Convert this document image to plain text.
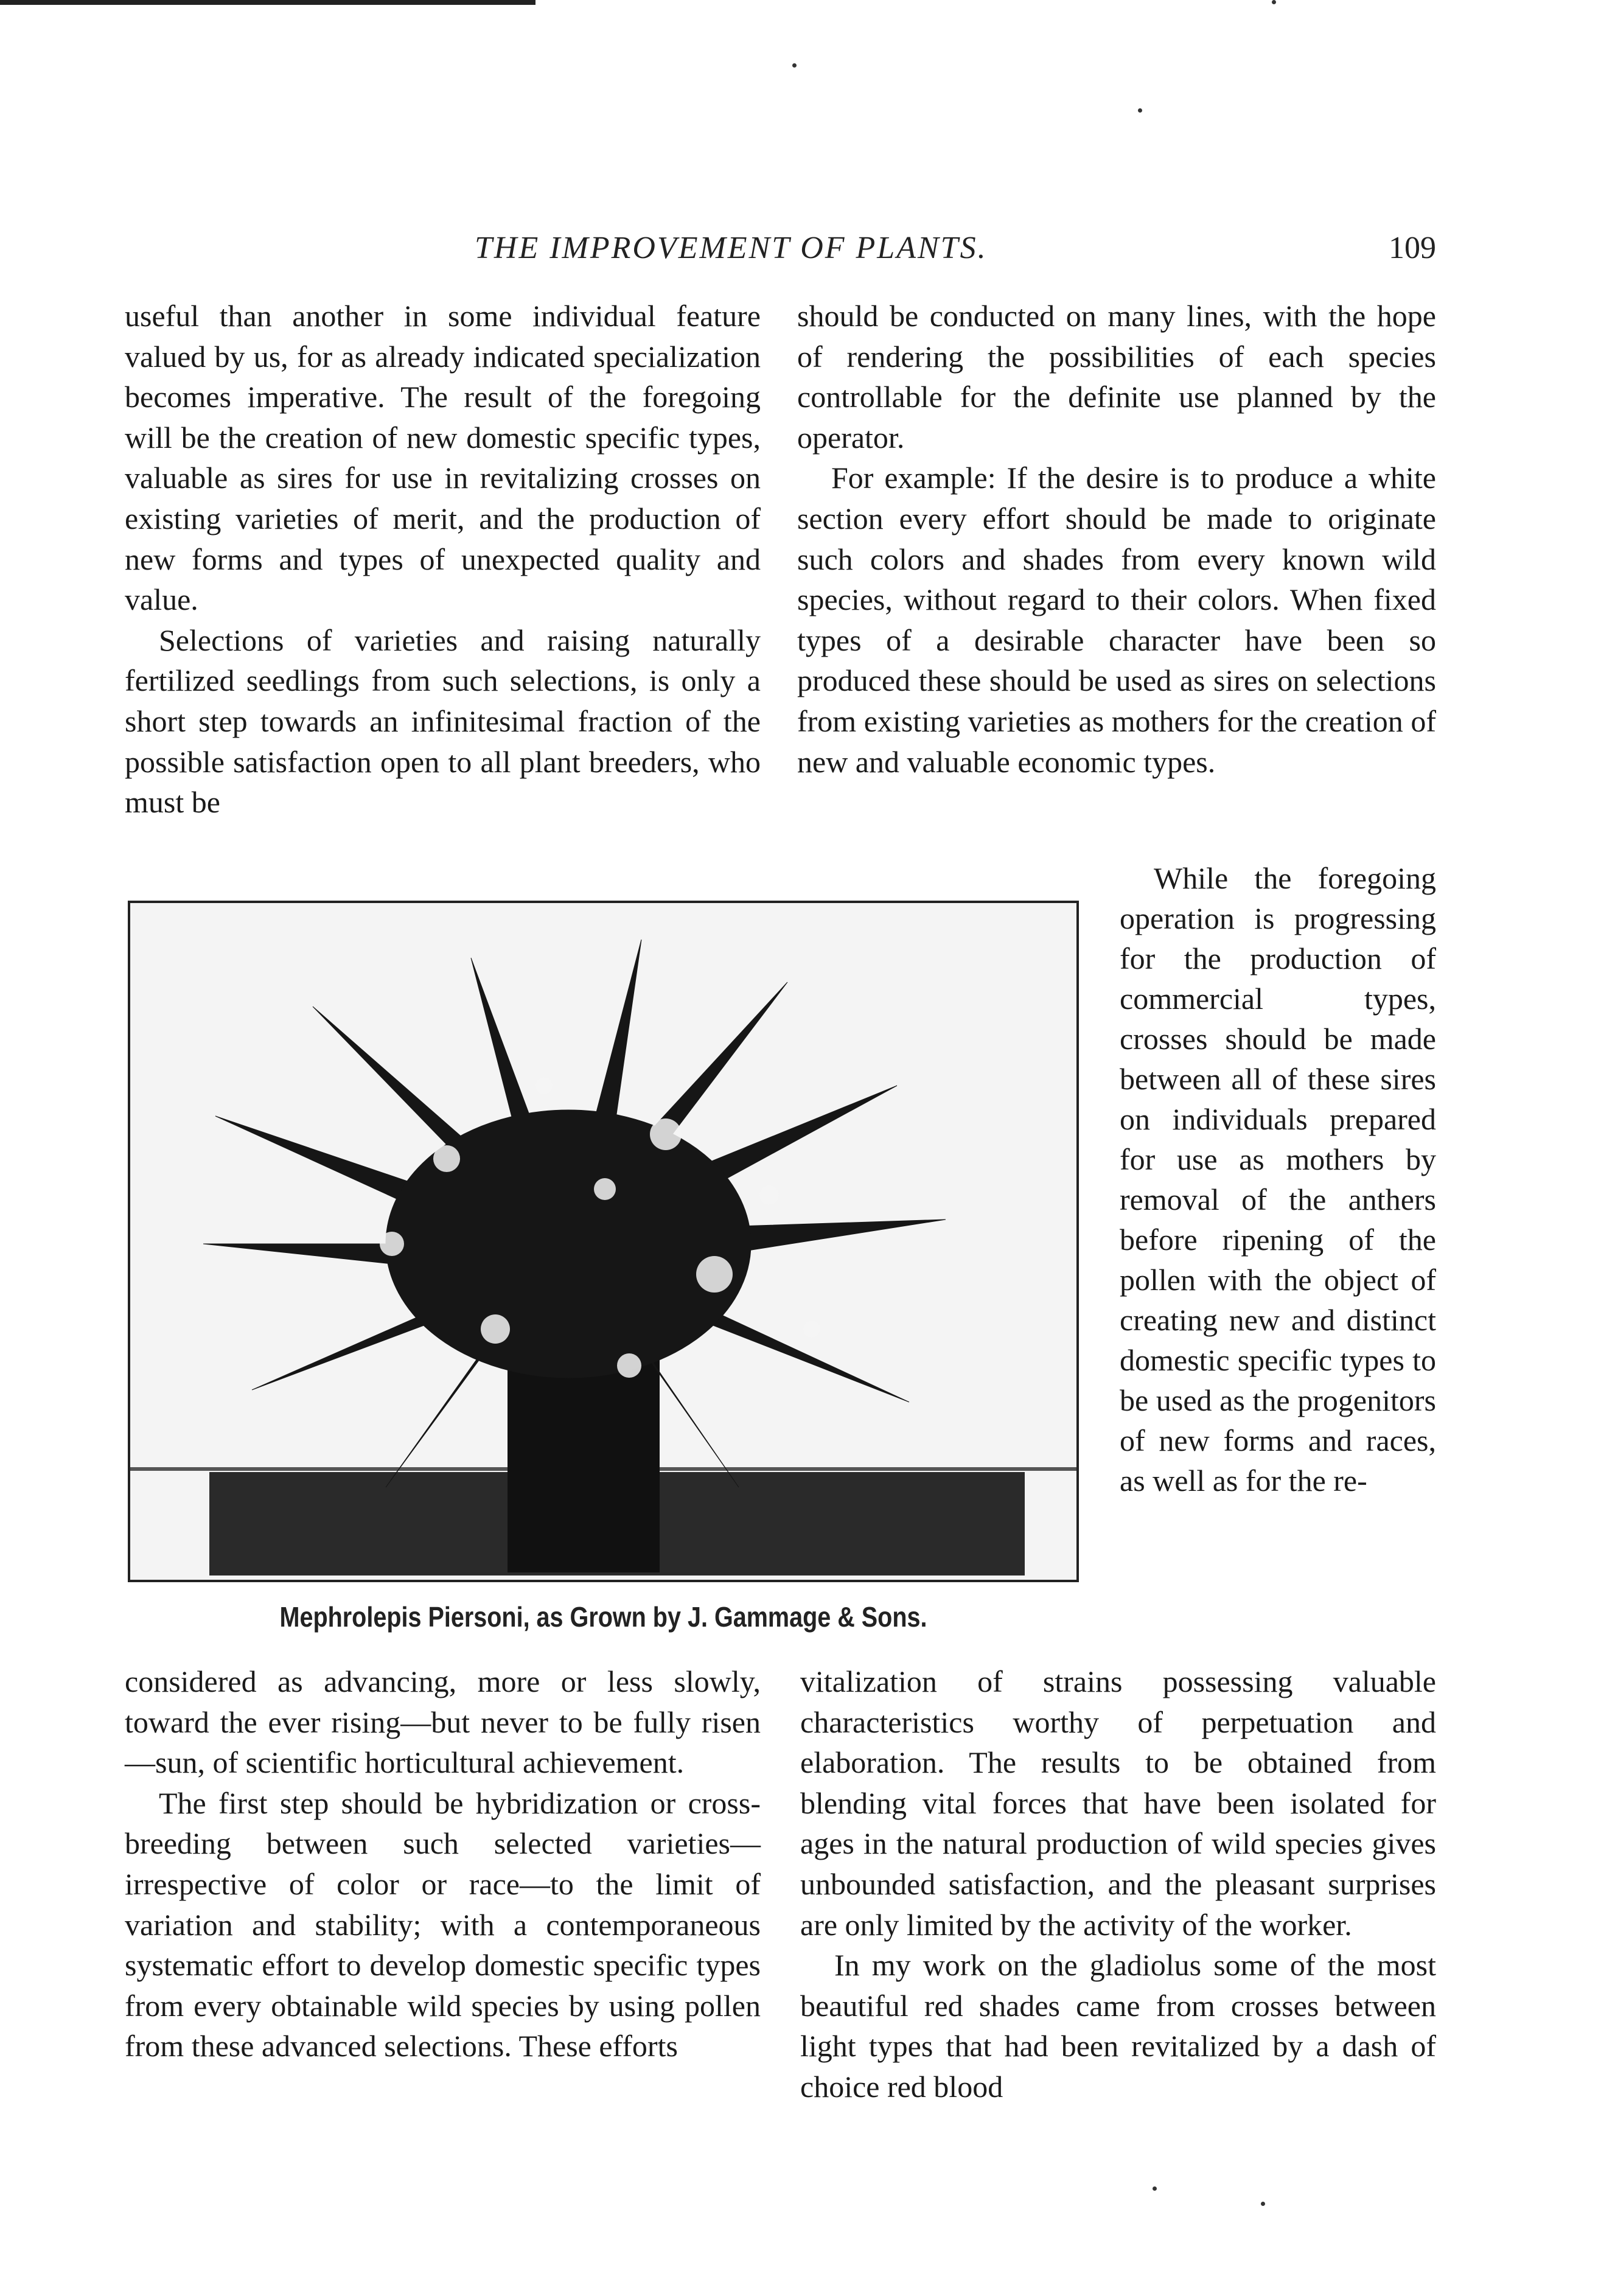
THE IMPROVEMENT OF PLANTS.	109

useful than another in some individual feature valued by us, for as already indicated specialization becomes imperative. The result of the foregoing will be the creation of new domestic specific types, valuable as sires for use in revitalizing crosses on existing varieties of merit, and the production of new forms and types of unexpected quality and value.

Selections of varieties and raising naturally fertilized seedlings from such selections, is only a short step towards an infinitesimal fraction of the possible satisfaction open to all plant breeders, who must be

should be conducted on many lines, with the hope of rendering the possibilities of each species controllable for the definite use planned by the operator.

For example: If the desire is to produce a white section every effort should be made to originate such colors and shades from every known wild species, without regard to their colors. When fixed types of a desirable character have been so produced these should be used as sires on selections from existing varieties as mothers for the creation of new and valuable economic types.

While the foregoing operation is progressing for the production of commercial types, crosses should be made between all of these sires on individuals prepared for use as mothers by removal of the anthers before ripening of the pollen with the object of creating new and distinct domestic specific types to be used as the progenitors of new forms and races, as well as for the re-

Mephrolepis Piersoni, as Grown by J. Gammage & Sons.

considered as advancing, more or less slowly, toward the ever rising—but never to be fully risen—sun, of scientific horticultural achievement.

The first step should be hybridization or cross-breeding between such selected varieties—irrespective of color or race—to the limit of variation and stability; with a contemporaneous systematic effort to develop domestic specific types from every obtainable wild species by using pollen from these advanced selections. These efforts

vitalization of strains possessing valuable characteristics worthy of perpetuation and elaboration. The results to be obtained from blending vital forces that have been isolated for ages in the natural production of wild species gives unbounded satisfaction, and the pleasant surprises are only limited by the activity of the worker.

In my work on the gladiolus some of the most beautiful red shades came from crosses between light types that had been revitalized by a dash of choice red blood
